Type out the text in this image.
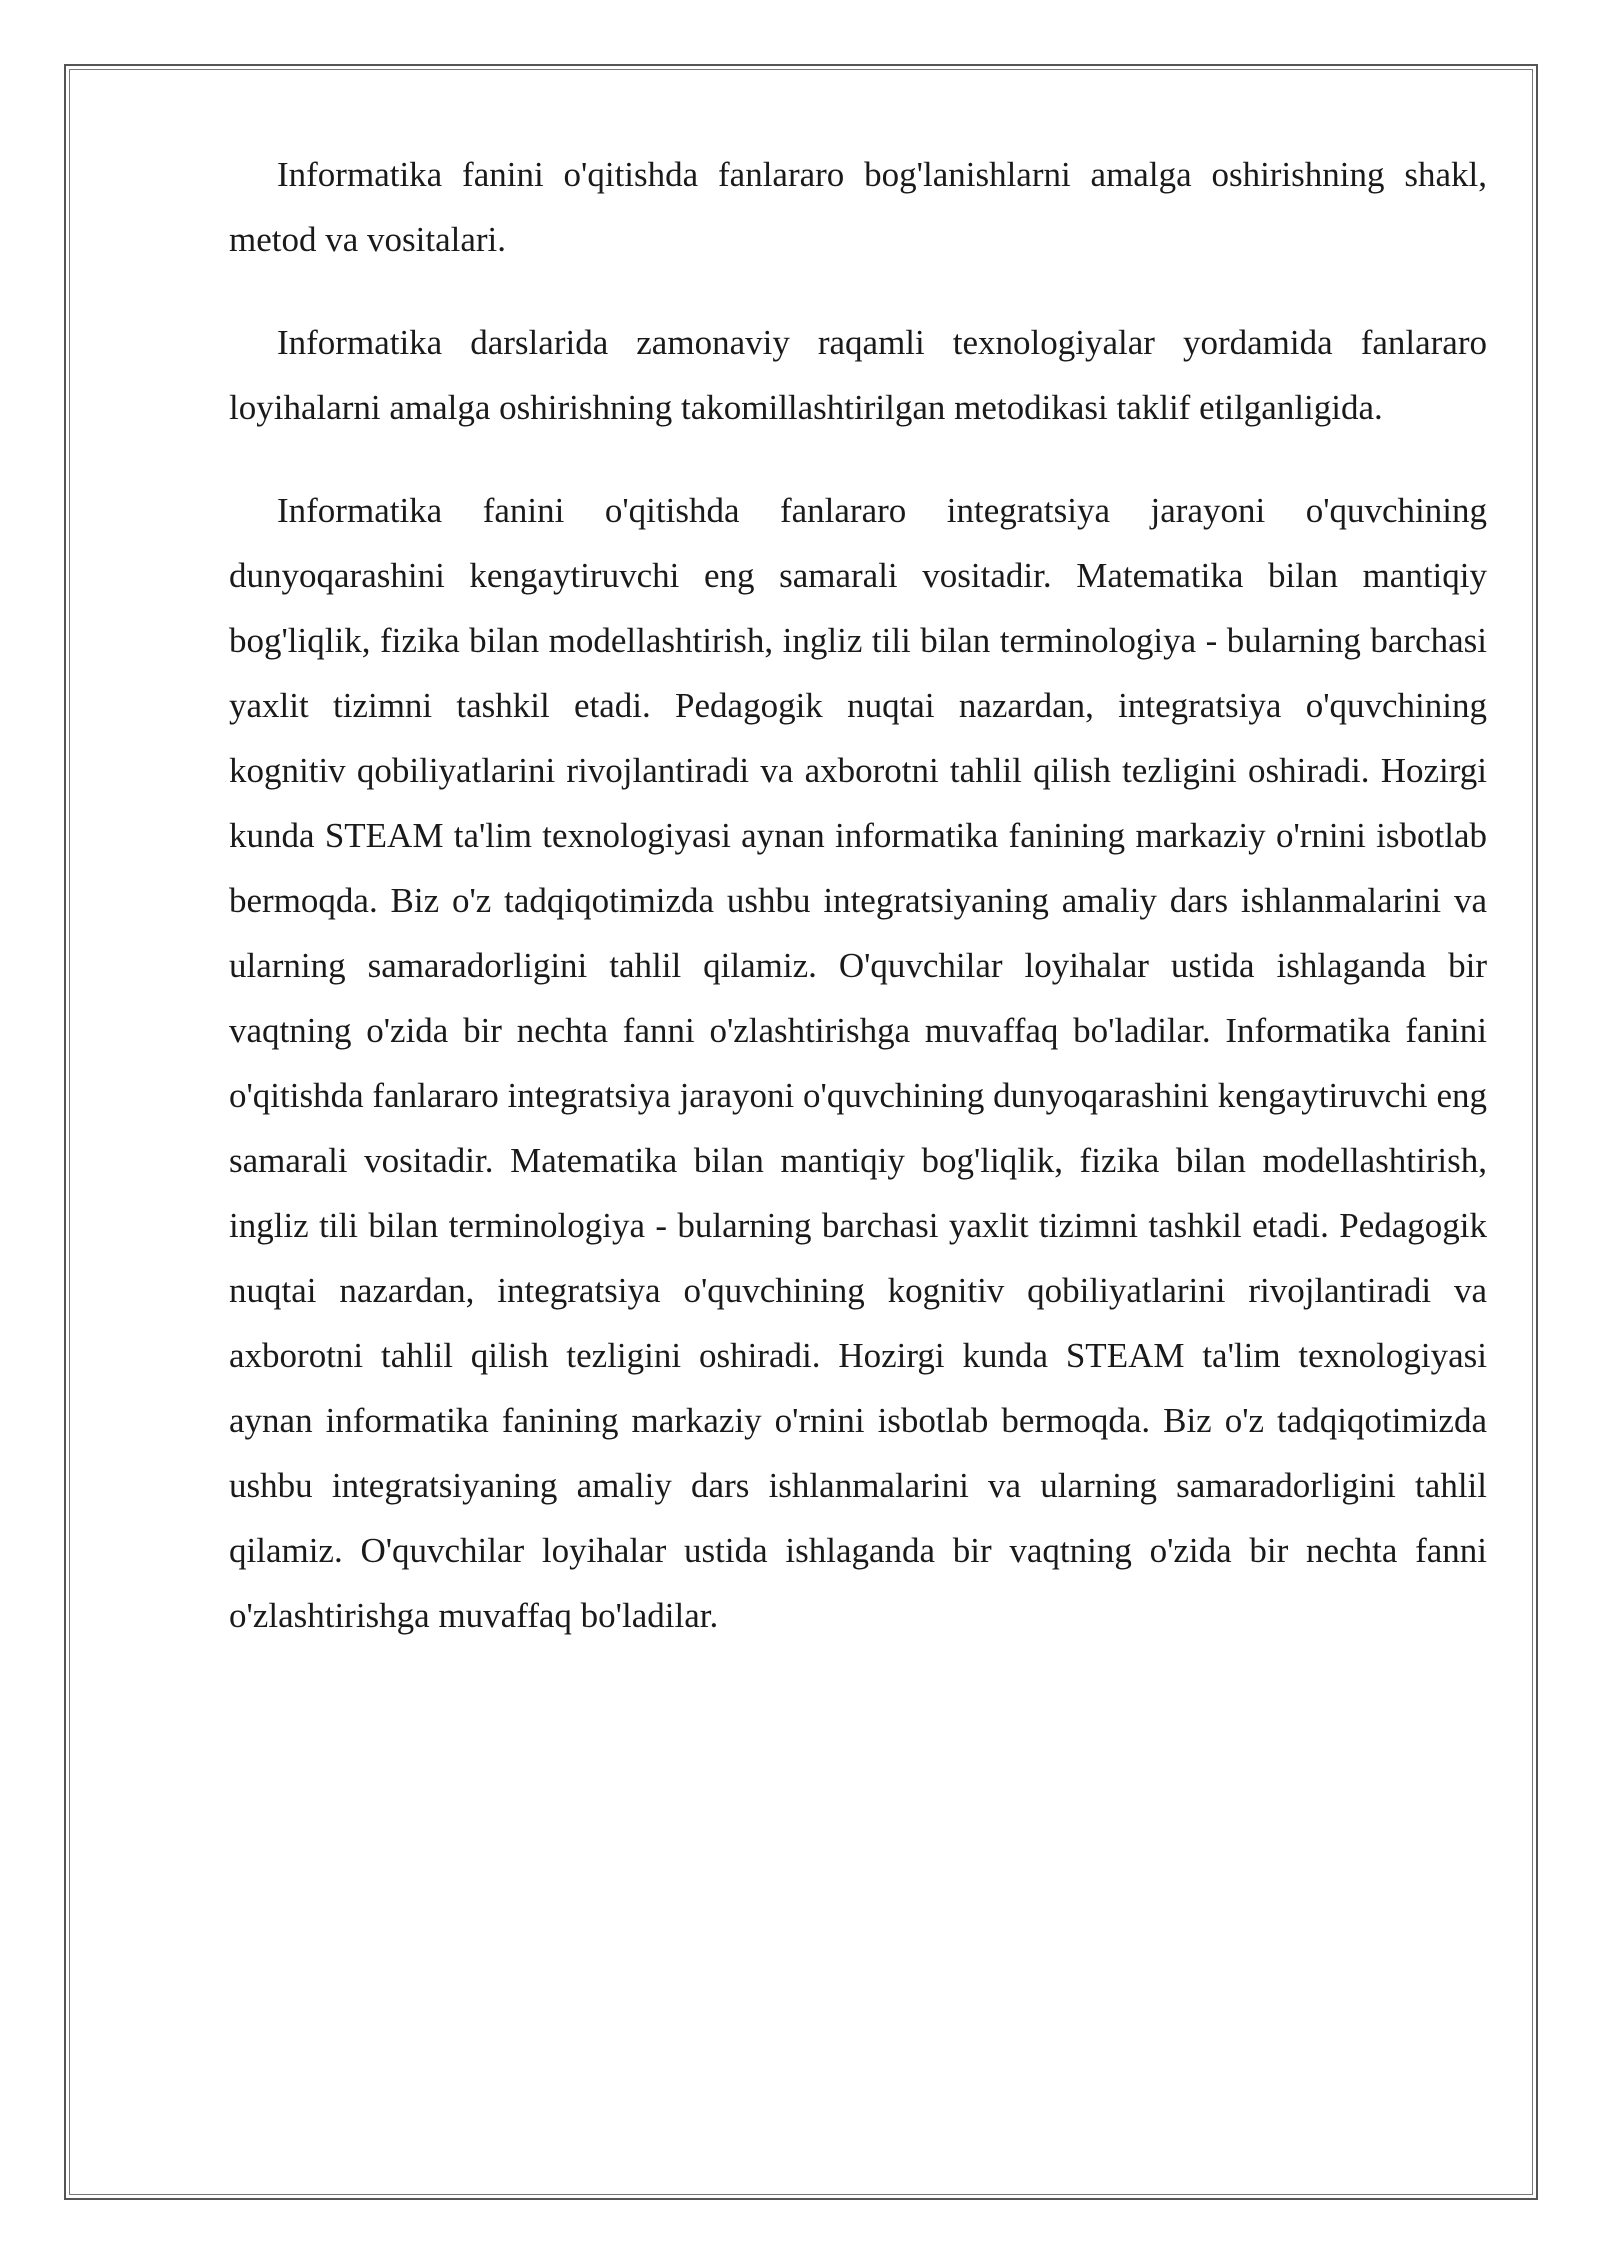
Informatika fanini o'qitishda fanlararo bog'lanishlarni amalga oshirishning shakl, metod va vositalari.

Informatika darslarida zamonaviy raqamli texnologiyalar yordamida fanlararo loyihalarni amalga oshirishning takomillashtirilgan metodikasi taklif etilganligida.

Informatika fanini o'qitishda fanlararo integratsiya jarayoni o'quvchining dunyoqarashini kengaytiruvchi eng samarali vositadir. Matematika bilan mantiqiy bog'liqlik, fizika bilan modellashtirish, ingliz tili bilan terminologiya - bularning barchasi yaxlit tizimni tashkil etadi. Pedagogik nuqtai nazardan, integratsiya o'quvchining kognitiv qobiliyatlarini rivojlantiradi va axborotni tahlil qilish tezligini oshiradi. Hozirgi kunda STEAM ta'lim texnologiyasi aynan informatika fanining markaziy o'rnini isbotlab bermoqda. Biz o'z tadqiqotimizda ushbu integratsiyaning amaliy dars ishlanmalarini va ularning samaradorligini tahlil qilamiz. O'quvchilar loyihalar ustida ishlaganda bir vaqtning o'zida bir nechta fanni o'zlashtirishga muvaffaq bo'ladilar. Informatika fanini o'qitishda fanlararo integratsiya jarayoni o'quvchining dunyoqarashini kengaytiruvchi eng samarali vositadir. Matematika bilan mantiqiy bog'liqlik, fizika bilan modellashtirish, ingliz tili bilan terminologiya - bularning barchasi yaxlit tizimni tashkil etadi. Pedagogik nuqtai nazardan, integratsiya o'quvchining kognitiv qobiliyatlarini rivojlantiradi va axborotni tahlil qilish tezligini oshiradi. Hozirgi kunda STEAM ta'lim texnologiyasi aynan informatika fanining markaziy o'rnini isbotlab bermoqda. Biz o'z tadqiqotimizda ushbu integratsiyaning amaliy dars ishlanmalarini va ularning samaradorligini tahlil qilamiz. O'quvchilar loyihalar ustida ishlaganda bir vaqtning o'zida bir nechta fanni o'zlashtirishga muvaffaq bo'ladilar.
